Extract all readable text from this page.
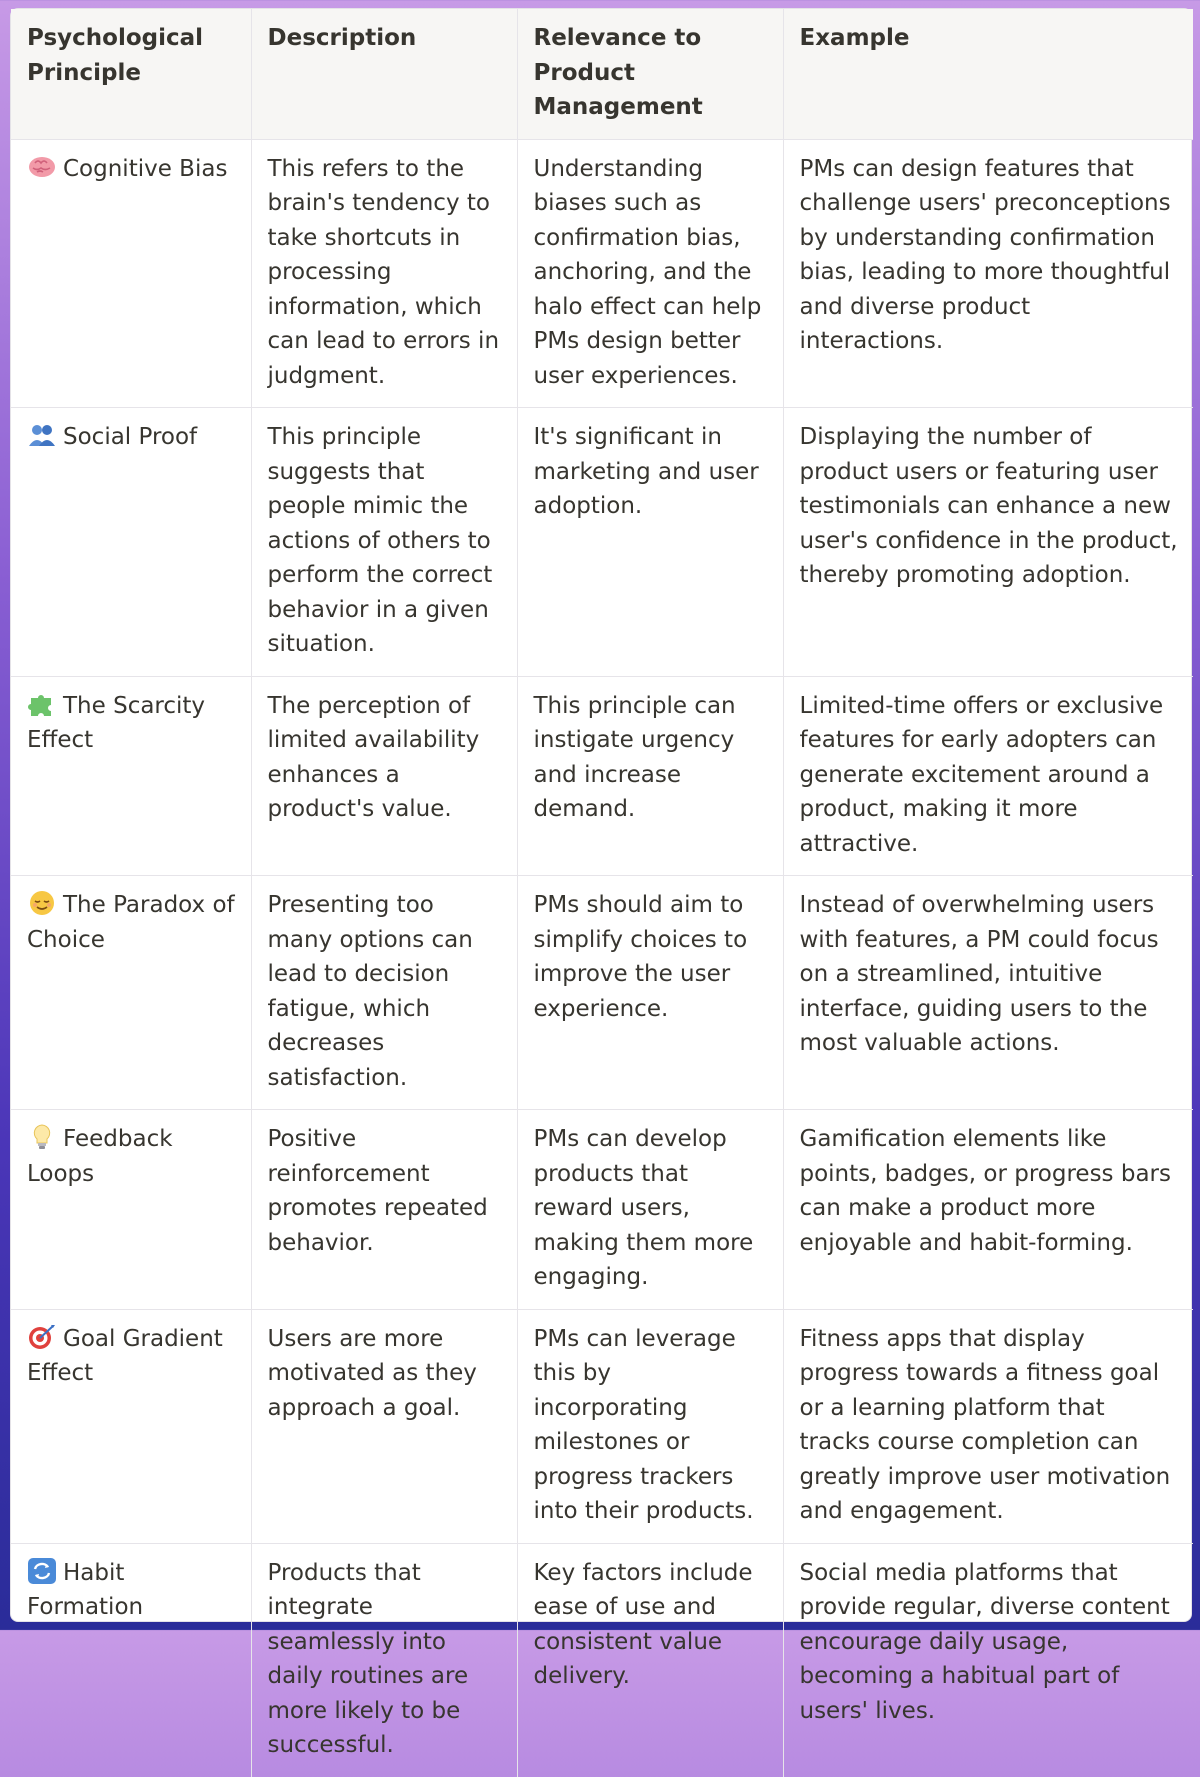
Psychological Principle	Description	Relevance to Product Management	Example

Cognitive Bias	This refers to the brain's tendency to take shortcuts in processing information, which can lead to errors in judgment.	Understanding biases such as confirmation bias, anchoring, and the halo effect can help PMs design better user experiences.	PMs can design features that challenge users' preconceptions by understanding confirmation bias, leading to more thoughtful and diverse product interactions.

Social Proof	This principle suggests that people mimic the actions of others to perform the correct behavior in a given situation.	It's significant in marketing and user adoption.	Displaying the number of product users or featuring user testimonials can enhance a new user's confidence in the product, thereby promoting adoption.

The Scarcity Effect	The perception of limited availability enhances a product's value.	This principle can instigate urgency and increase demand.	Limited-time offers or exclusive features for early adopters can generate excitement around a product, making it more attractive.

The Paradox of Choice	Presenting too many options can lead to decision fatigue, which decreases satisfaction.	PMs should aim to simplify choices to improve the user experience.	Instead of overwhelming users with features, a PM could focus on a streamlined, intuitive interface, guiding users to the most valuable actions.

Feedback Loops	Positive reinforcement promotes repeated behavior.	PMs can develop products that reward users, making them more engaging.	Gamification elements like points, badges, or progress bars can make a product more enjoyable and habit-forming.

Goal Gradient Effect	Users are more motivated as they approach a goal.	PMs can leverage this by incorporating milestones or progress trackers into their products.	Fitness apps that display progress towards a fitness goal or a learning platform that tracks course completion can greatly improve user motivation and engagement.

Habit Formation	Products that integrate seamlessly into daily routines are more likely to be successful.	Key factors include ease of use and consistent value delivery.	Social media platforms that provide regular, diverse content encourage daily usage, becoming a habitual part of users' lives.
